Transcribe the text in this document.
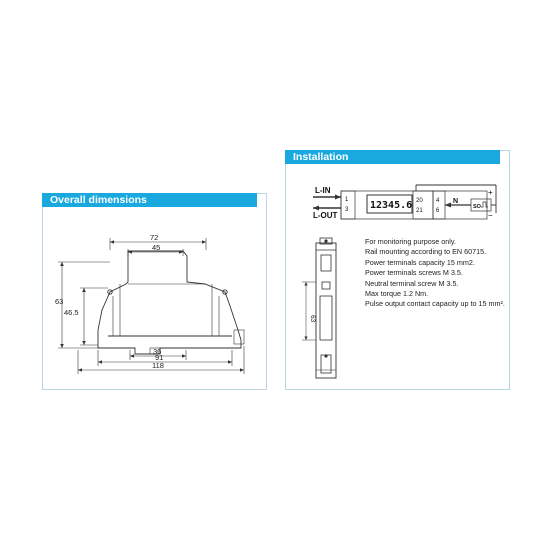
Overall dimensions
72
45
63
46.5
36
91
118
Installation
L-IN
L-OUT
1
3 12345.6 20
21
4
6
N
SO
+
−
63
For monitoring purpose only.
Rail mounting according to EN 60715.
Power terminals capacity 15 mm2.
Power terminals screws M 3.5.
Neutral terminal screw M 3.5.
Max torque 1.2 Nm.
Pulse output contact capacity up to 15 mm².
